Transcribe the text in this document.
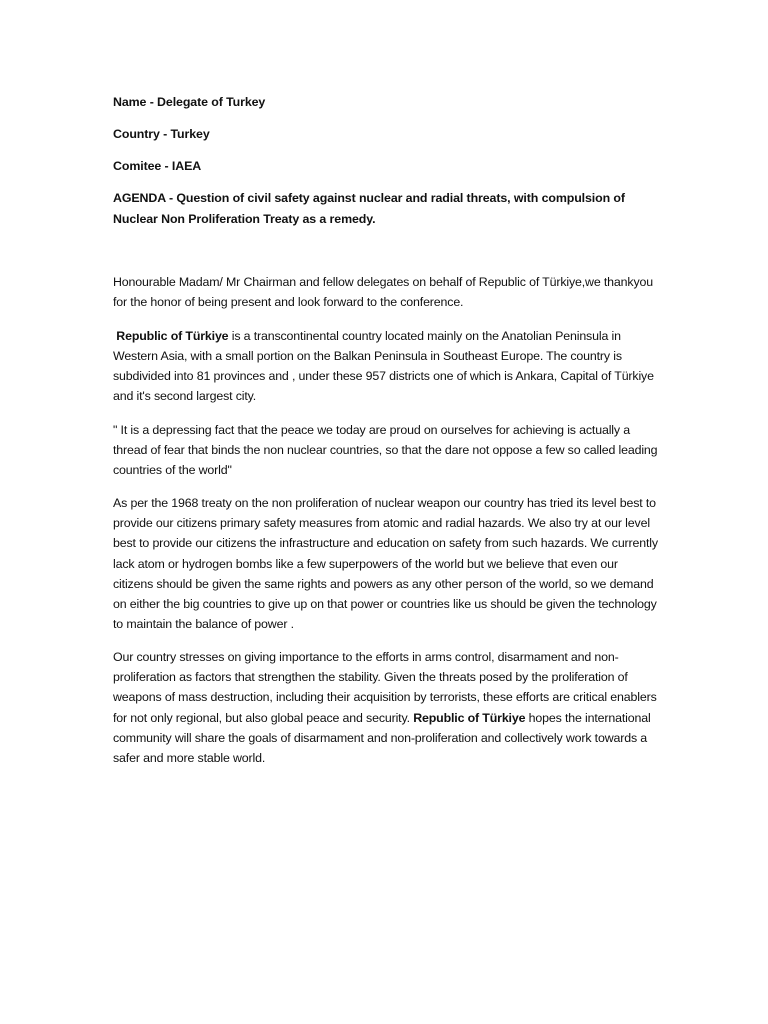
Name - Delegate of Turkey

Country - Turkey

Comitee - IAEA

AGENDA - Question of civil safety against nuclear and radial threats, with compulsion of Nuclear Non Proliferation Treaty as a remedy.

Honourable Madam/ Mr Chairman and fellow delegates on behalf of Republic of Türkiye,we thankyou for the honor of being present and look forward to the conference.

Republic of Türkiye is a transcontinental country located mainly on the Anatolian Peninsula in Western Asia, with a small portion on the Balkan Peninsula in Southeast Europe. The country is subdivided into 81 provinces and , under these 957 districts one of which is Ankara, Capital of Türkiye and it's second largest city.

" It is a depressing fact that the peace we today are proud on ourselves for achieving is actually a thread of fear that binds the non nuclear countries, so that the dare not oppose a few so called leading countries of the world"

As per the 1968 treaty on the non proliferation of nuclear weapon our country has tried its level best to provide our citizens primary safety measures from atomic and radial hazards. We also try at our level best to provide our citizens the infrastructure and education on safety from such hazards. We currently lack atom or hydrogen bombs like a few superpowers of the world but we believe that even our citizens should be given the same rights and powers as any other person of the world, so we demand on either the big countries to give up on that power or countries like us should be given the technology to maintain the balance of power .

Our country stresses on giving importance to the efforts in arms control, disarmament and non-proliferation as factors that strengthen the stability. Given the threats posed by the proliferation of weapons of mass destruction, including their acquisition by terrorists, these efforts are critical enablers for not only regional, but also global peace and security. Republic of Türkiye hopes the international community will share the goals of disarmament and non-proliferation and collectively work towards a safer and more stable world.
